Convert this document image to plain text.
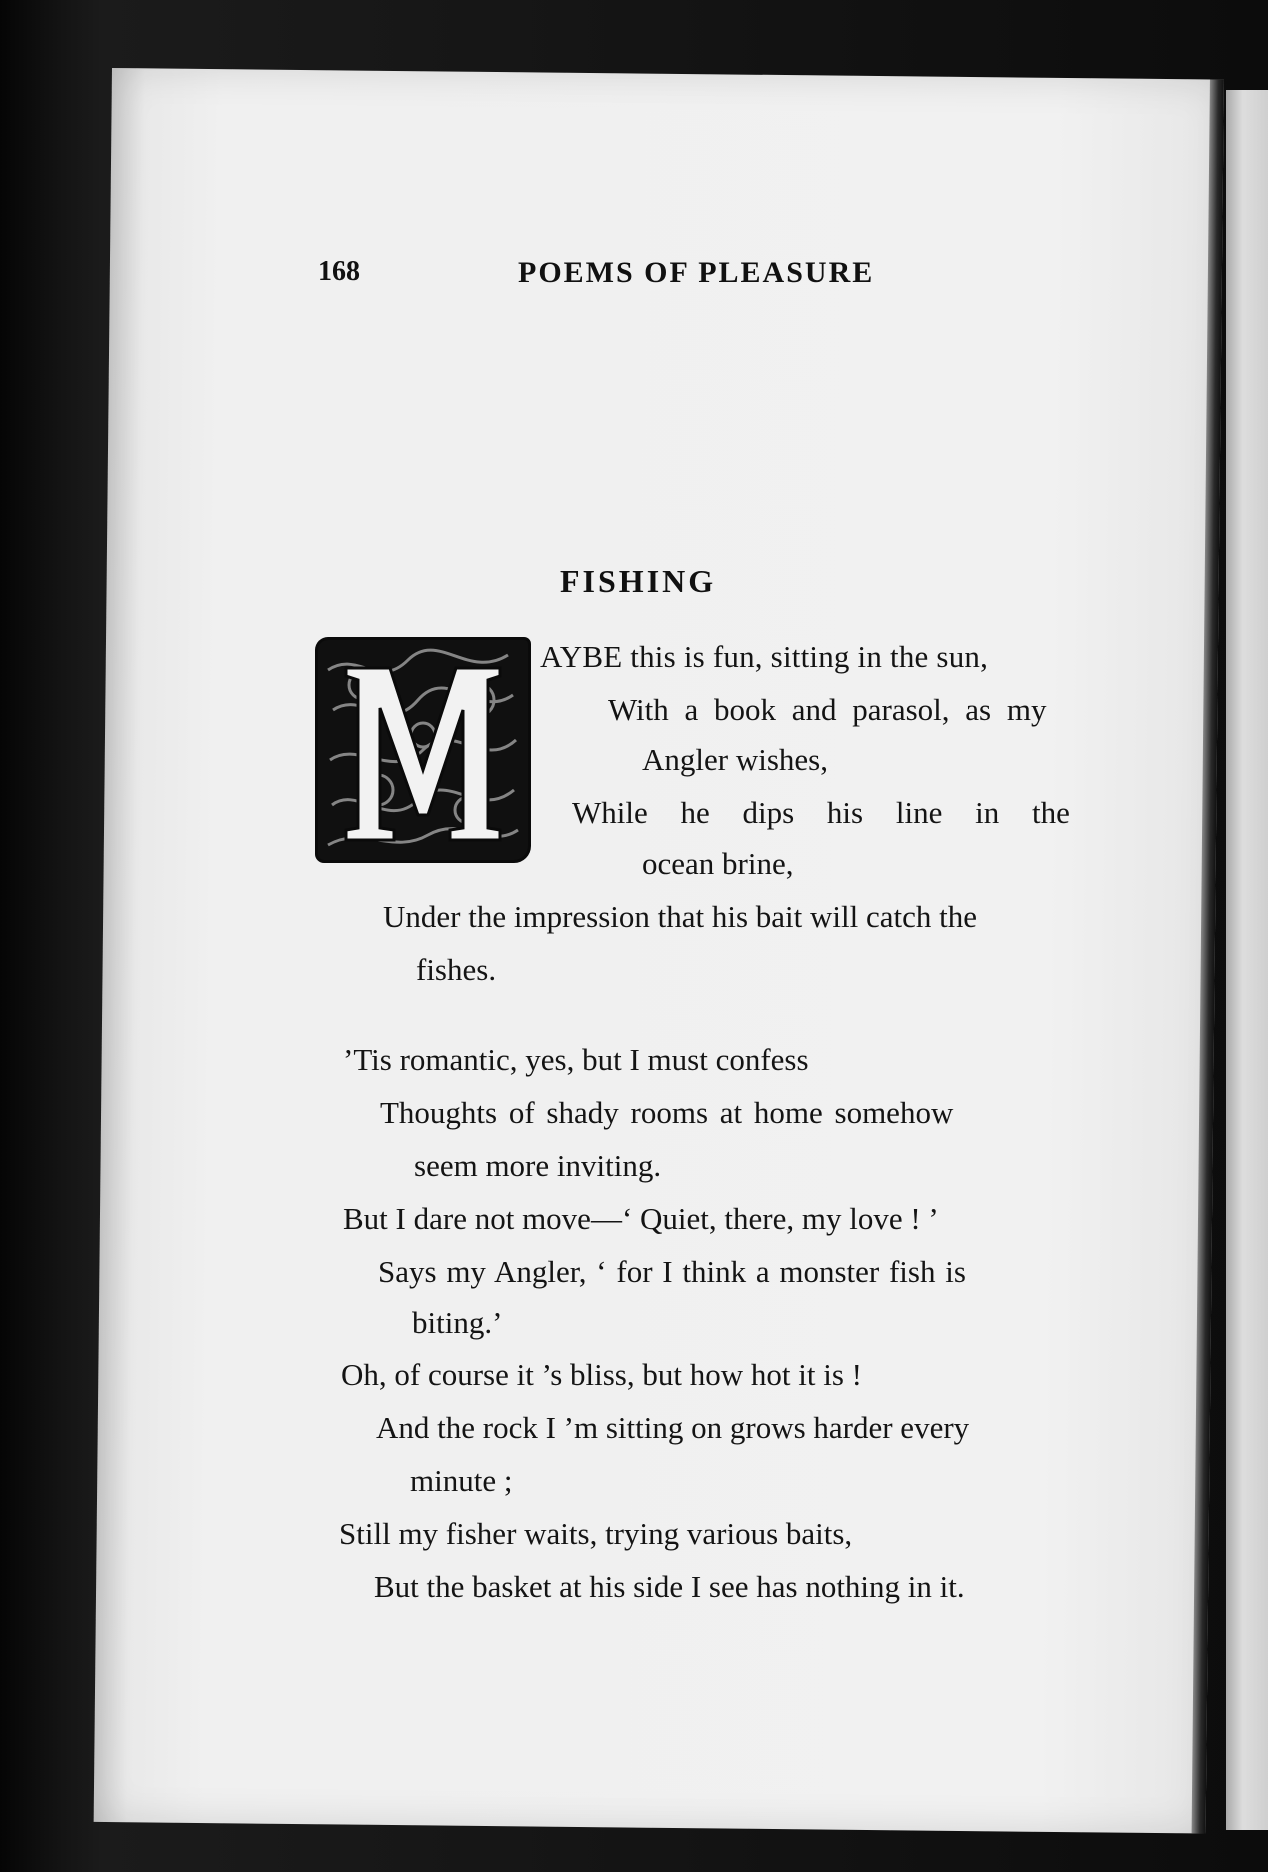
168	POEMS OF PLEASURE
FISHING
AYBE this is fun, sitting in the sun,
With a book and parasol, as my
Angler wishes,
While he dips his line in the
ocean brine,
Under the impression that his bait will catch the
fishes.
’Tis romantic, yes, but I must confess
Thoughts of shady rooms at home somehow
seem more inviting.
But I dare not move—‘ Quiet, there, my love ! ’
Says my Angler, ‘ for I think a monster fish is
biting.’
Oh, of course it ’s bliss, but how hot it is !
And the rock I ’m sitting on grows harder every
minute ;
Still my fisher waits, trying various baits,
But the basket at his side I see has nothing in it.
